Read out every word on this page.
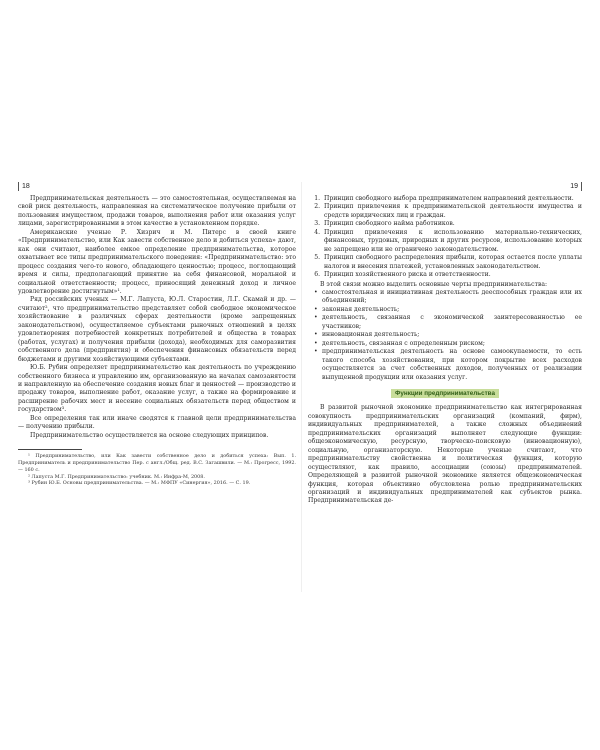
18

Предпринимательская деятельность — это самостоятельная, осуществляемая на свой риск деятельность, направленная на систематическое получение прибыли от пользования имуществом, продажи товаров, выполнения работ или оказания услуг лицами, зарегистрированными в этом качестве в установленном порядке.

Американские ученые Р. Хизрич и М. Питерс в своей книге «Предпринимательство, или Как завести собственное дело и добиться успеха» дают, как они считают, наиболее емкое определение предпринимательства, которое охватывает все типы предпринимательского поведения: «Предпринимательство: это процесс создания чего-то нового, обладающего ценностью; процесс, поглощающий время и силы, предполагающий принятие на себя финансовой, моральной и социальной ответственности; процесс, приносящий денежный доход и личное удовлетворение достигнутым»¹.

Ряд российских ученых — М.Г. Лапуста, Ю.Л. Старостин, Л.Г. Скамай и др. — считают², что предпринимательство представляет собой свободное экономическое хозяйствование в различных сферах деятельности (кроме запрещенных законодательством), осуществляемое субъектами рыночных отношений в целях удовлетворения потребностей конкретных потребителей и общества в товарах (работах, услугах) и получения прибыли (дохода), необходимых для саморазвития собственного дела (предприятия) и обеспечения финансовых обязательств перед бюджетами и другими хозяйствующими субъектами.

Ю.Б. Рубин определяет предпринимательство как деятельность по учреждению собственного бизнеса и управлению им, организованную на началах самозанятости и направленную на обеспечение создания новых благ и ценностей — производство и продажу товаров, выполнение работ, оказание услуг, а также на формирование и расширение рабочих мест и несение социальных обязательств перед обществом и государством³.

Все определения так или иначе сводятся к главной цели предпринимательства — получению прибыли.

Предпринимательство осуществляется на основе следующих принципов.

¹ Предпринимательство, или Как завести собственное дело и добиться успеха: Вып. 1. Предприниматель и предпринимательство Пер. с англ./Общ. ред. В.С. Загашвили. — М.: Прогресс, 1992. — 160 с.

² Лапуста М.Г. Предпринимательство: учебник. М.: Инфра-М, 2008.

³ Рубин Ю.Б. Основы предпринимательства. — М.: МФПУ «Синергия», 2016. — С. 19.

19
1. Принцип свободного выбора предпринимателем направлений деятельности.
2. Принцип привлечения к предпринимательской деятельности имущества и средств юридических лиц и граждан.
3. Принцип свободного найма работников.
4. Принцип привлечения к использованию материально-технических, финансовых, трудовых, природных и других ресурсов, использование которых не запрещено или не ограничено законодательством.
5. Принцип свободного распределения прибыли, которая остается после уплаты налогов и внесения платежей, установленных законодательством.
6. Принцип хозяйственного риска и ответственности.

В этой связи можно выделить основные черты предпринимательства:

• самостоятельная и инициативная деятельность дееспособных граждан или их объединений;
• законная деятельность;
• деятельность, связанная с экономической заинтересованностью ее участников;
• инновационная деятельность;
• деятельность, связанная с определенным риском;
• предпринимательская деятельность на основе самоокупаемости, то есть такого способа хозяйствования, при котором покрытие всех расходов осуществляется за счет собственных доходов, полученных от реализации выпущенной продукции или оказания услуг.
Функции предпринимательства

В развитой рыночной экономике предпринимательство как интегрированная совокупность предпринимательских организаций (компаний, фирм), индивидуальных предпринимателей, а также сложных объединений предпринимательских организаций выполняет следующие функции: общеэкономическую, ресурсную, творческо-поисковую (инновационную), социальную, организаторскую. Некоторые ученые считают, что предпринимательству свойственна и политическая функция, которую осуществляют, как правило, ассоциации (союзы) предпринимателей. Определяющей в развитой рыночной экономике является общеэкономическая функция, которая объективно обусловлена ролью предпринимательских организаций и индивидуальных предпринимателей как субъектов рынка. Предпринимательская де-
